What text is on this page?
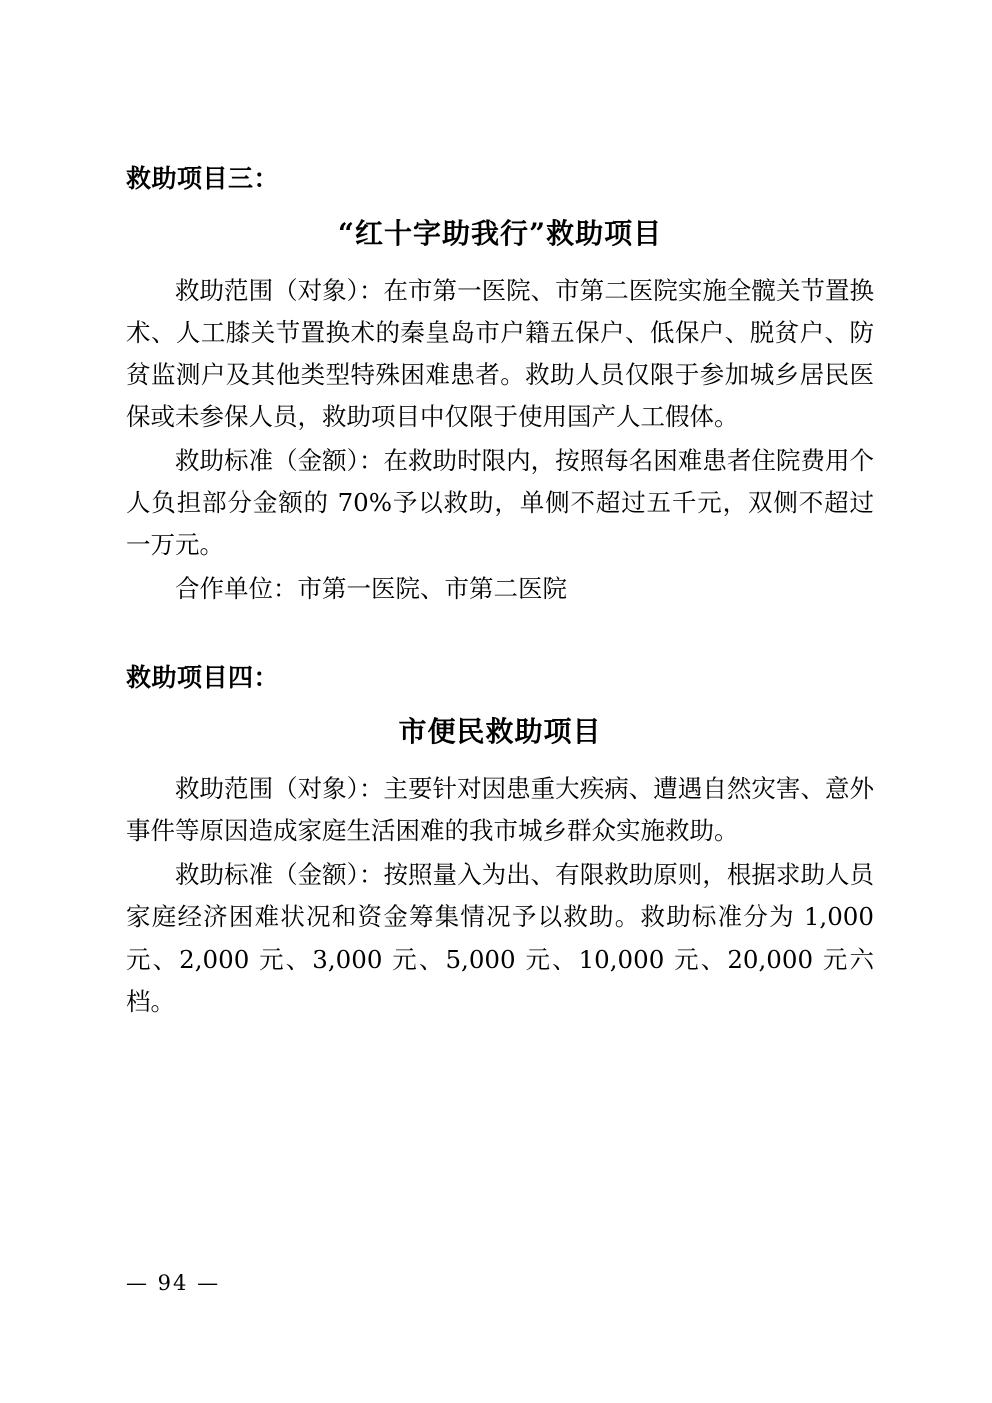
救助项目三：
“红十字助我行”救助项目

救助范围（对象）：在市第一医院、市第二医院实施全髋关节置换术、人工膝关节置换术的秦皇岛市户籍五保户、低保户、脱贫户、防贫监测户及其他类型特殊困难患者。救助人员仅限于参加城乡居民医保或未参保人员，救助项目中仅限于使用国产人工假体。

救助标准（金额）：在救助时限内，按照每名困难患者住院费用个人负担部分金额的 70%予以救助，单侧不超过五千元，双侧不超过一万元。

合作单位：市第一医院、市第二医院

救助项目四：
市便民救助项目

救助范围（对象）：主要针对因患重大疾病、遭遇自然灾害、意外事件等原因造成家庭生活困难的我市城乡群众实施救助。

救助标准（金额）：按照量入为出、有限救助原则，根据求助人员家庭经济困难状况和资金筹集情况予以救助。救助标准分为 1,000 元、2,000 元、3,000 元、5,000 元、10,000 元、20,000 元六档。

— 94 —
